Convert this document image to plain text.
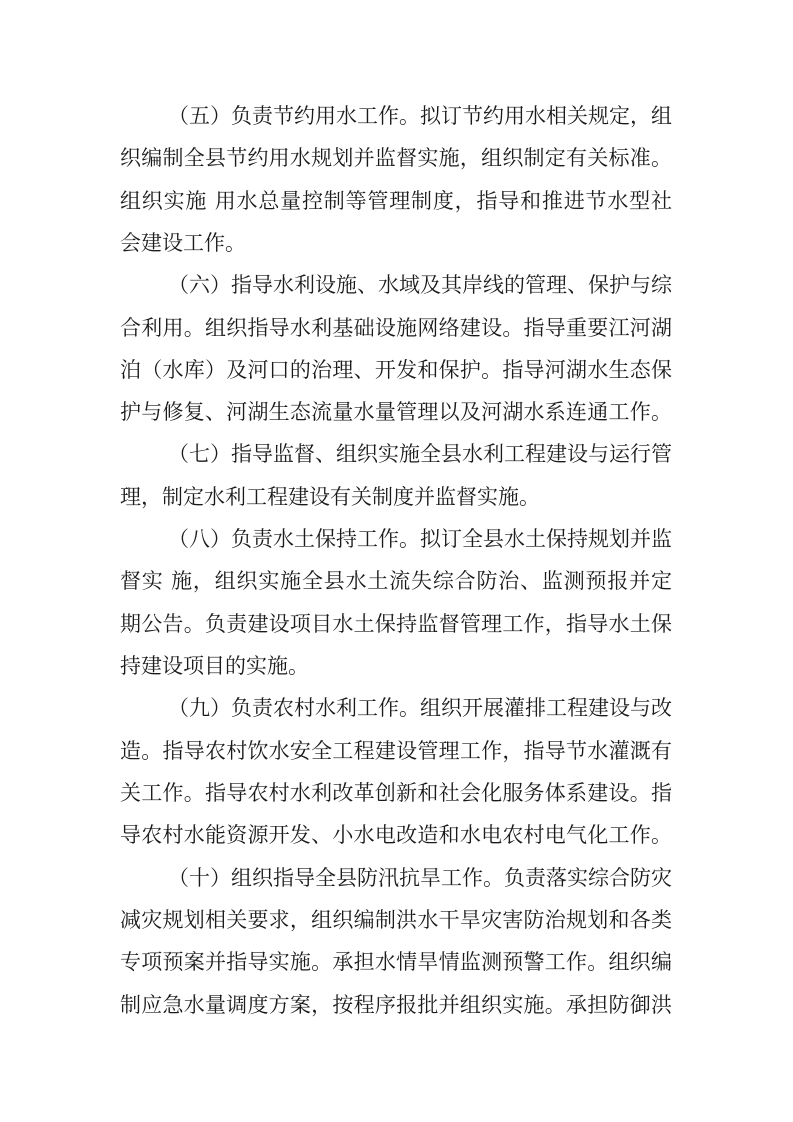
（五）负责节约用水工作。拟订节约用水相关规定，组
织编制全县节约用水规划并监督实施，组织制定有关标准。
组织实施 用水总量控制等管理制度，指导和推进节水型社
会建设工作。
（六）指导水利设施、水域及其岸线的管理、保护与综
合利用。组织指导水利基础设施网络建设。指导重要江河湖
泊（水库）及河口的治理、开发和保护。指导河湖水生态保
护与修复、河湖生态流量水量管理以及河湖水系连通工作。
（七）指导监督、组织实施全县水利工程建设与运行管
理，制定水利工程建设有关制度并监督实施。
（八）负责水土保持工作。拟订全县水土保持规划并监
督实 施，组织实施全县水土流失综合防治、监测预报并定
期公告。负责建设项目水土保持监督管理工作，指导水土保
持建设项目的实施。
（九）负责农村水利工作。组织开展灌排工程建设与改
造。指导农村饮水安全工程建设管理工作，指导节水灌溉有
关工作。指导农村水利改革创新和社会化服务体系建设。指
导农村水能资源开发、小水电改造和水电农村电气化工作。
（十）组织指导全县防汛抗旱工作。负责落实综合防灾
减灾规划相关要求，组织编制洪水干旱灾害防治规划和各类
专项预案并指导实施。承担水情旱情监测预警工作。组织编
制应急水量调度方案，按程序报批并组织实施。承担防御洪
